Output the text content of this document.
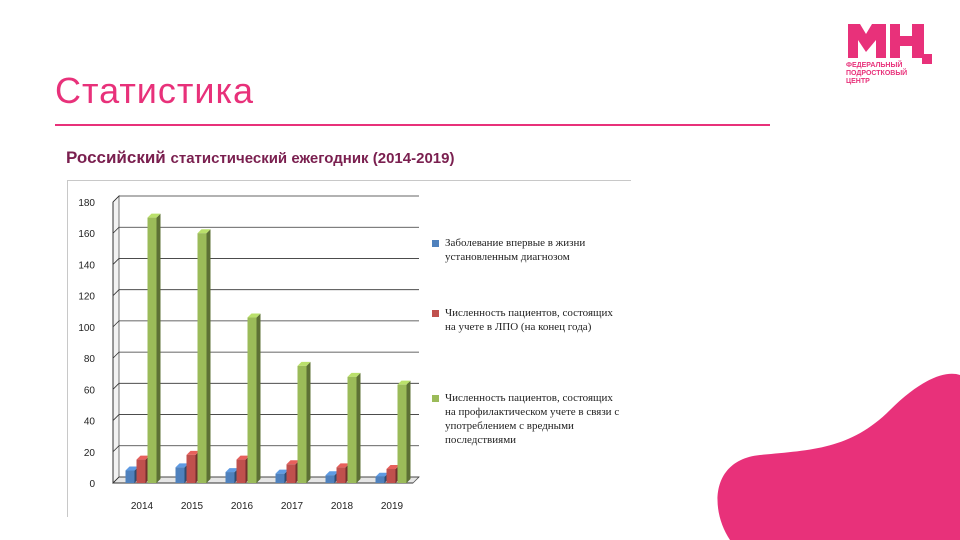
Статистика

Российский статистический ежегодник (2014-2019)

ФЕДЕРАЛЬНЫЙ
ПОДРОСТКОВЫЙ
ЦЕНТР
0
20
40
60
80
100
120
140
160
180
2014	2015	2016	2017	2018	2019
Заболевание впервые в жизни установленным диагнозом
Численность пациентов, состоящих на учете в ЛПО (на конец года)
Численность пациентов, состоящих на профилактическом учете в связи с употреблением с вредными последствиями
